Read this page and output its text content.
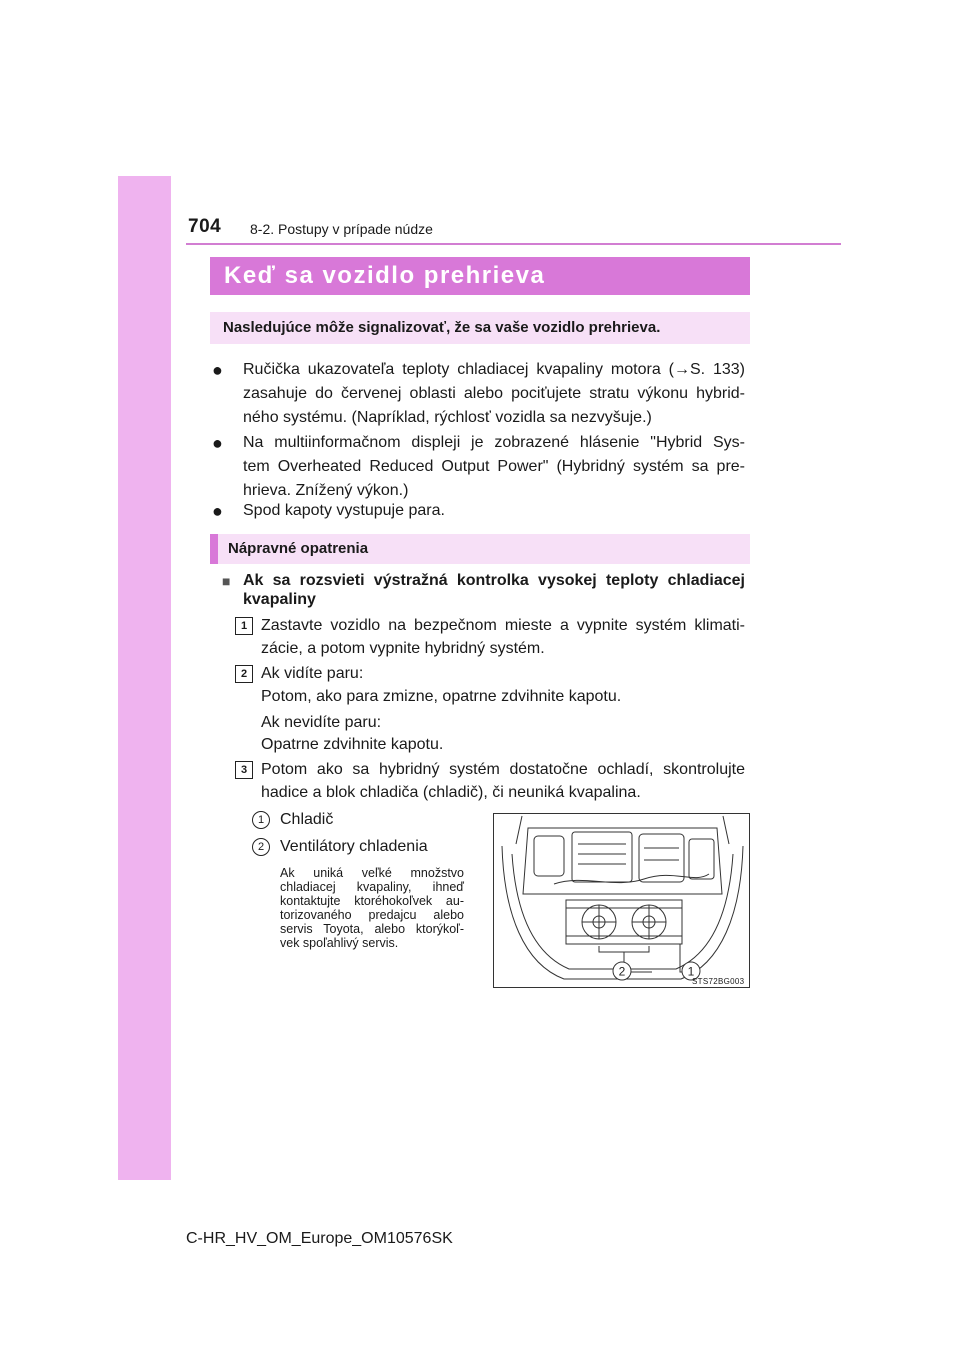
704 8-2. Postupy v prípade núdze
Keď sa vozidlo prehrieva
Nasledujúce môže signalizovať, že sa vaše vozidlo prehrieva.
● Ručička ukazovateľa teploty chladiacej kvapaliny motora (→S. 133)
zasahuje do červenej oblasti alebo pociťujete stratu výkonu hybrid-
ného systému. (Napríklad, rýchlosť vozidla sa nezvyšuje.)
● Na multiinformačnom displeji je zobrazené hlásenie "Hybrid Sys-
tem Overheated Reduced Output Power" (Hybridný systém sa pre-
hrieva. Znížený výkon.)
● Spod kapoty vystupuje para.
Nápravné opatrenia
■ Ak sa rozsvieti výstražná kontrolka vysokej teploty chladiacej
kvapaliny
1 Zastavte vozidlo na bezpečnom mieste a vypnite systém klimati-
zácie, a potom vypnite hybridný systém.
2 Ak vidíte paru:
Potom, ako para zmizne, opatrne zdvihnite kapotu.
Ak nevidíte paru:
Opatrne zdvihnite kapotu.
3 Potom ako sa hybridný systém dostatočne ochladí, skontrolujte
hadice a blok chladiča (chladič), či neuniká kvapalina.
1 Chladič
2 Ventilátory chladenia
Ak uniká veľké množstvo
chladiacej kvapaliny, ihneď
kontaktujte ktoréhokoľvek au-
torizovaného predajcu alebo
servis Toyota, alebo ktorýkoľ-
vek spoľahlivý servis.
2	1
STS72BG003
C-HR_HV_OM_Europe_OM10576SK
